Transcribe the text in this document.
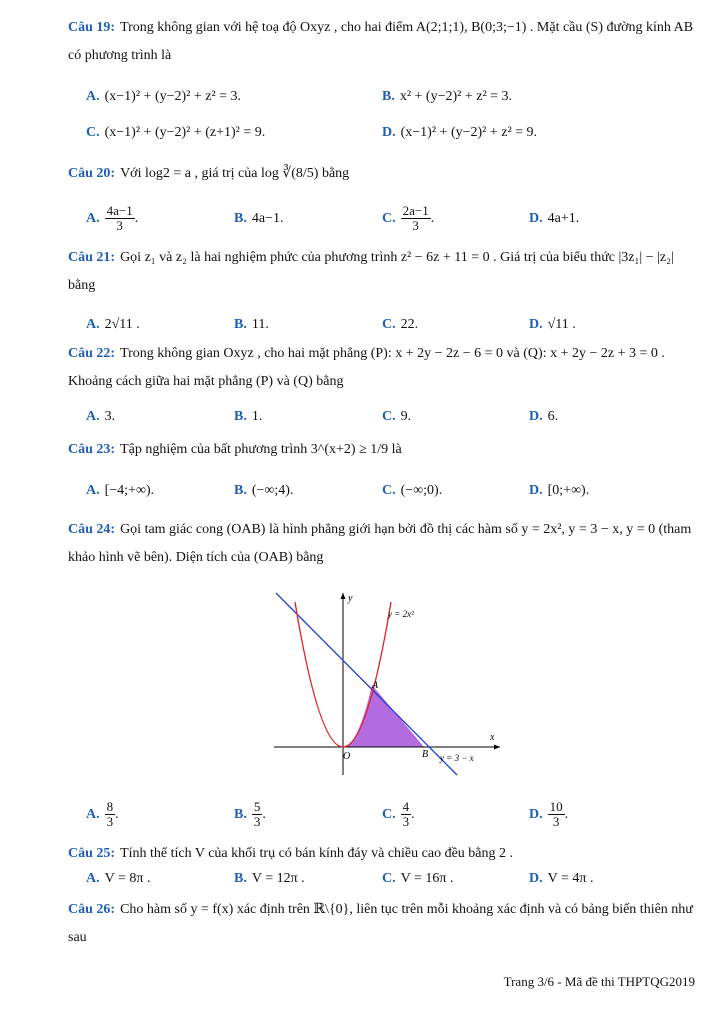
Câu 19: Trong không gian với hệ toạ độ Oxyz , cho hai điểm A(2;1;1), B(0;3;−1) . Mặt cầu (S) đường kính AB có phương trình là
A. (x−1)² + (y−2)² + z² = 3.	B. x² + (y−2)² + z² = 3.
C. (x−1)² + (y−2)² + (z+1)² = 9.	D. (x−1)² + (y−2)² + z² = 9.
Câu 20: Với log2 = a , giá trị của log ∛(8/5) bằng
A. $\frac{4a-1}{3}$ .	B. 4a−1.	C. $\frac{2a-1}{3}$ .	D. 4a+1.
Câu 21: Gọi z₁ và z₂ là hai nghiệm phức của phương trình z² − 6z + 11 = 0 . Giá trị của biểu thức |3z₁| − |z₂| bằng
A. 2√11 .	B. 11.	C. 22.	D. √11 .
Câu 22: Trong không gian Oxyz , cho hai mặt phẳng (P): x + 2y − 2z − 6 = 0 và (Q): x + 2y − 2z + 3 = 0 . Khoảng cách giữa hai mặt phẳng (P) và (Q) bằng
A. 3.	B. 1.	C. 9.	D. 6.
Câu 23: Tập nghiệm của bất phương trình 3^(x+2) ≥ 1/9 là
A. [−4;+∞).	B. (−∞;4).	C. (−∞;0).	D. [0;+∞).
Câu 24: Gọi tam giác cong (OAB) là hình phẳng giới hạn bởi đồ thị các hàm số y = 2x², y = 3 − x, y = 0 (tham khảo hình vẽ bên). Diện tích của (OAB) bằng
y
x
O
A
B
y = 2x²
y = 3 − x
A. $\frac{8}{3}$ .	B. $\frac{5}{3}$ .	C. $\frac{4}{3}$ .	D. $\frac{10}{3}$ .
Câu 25: Tính thể tích V của khối trụ có bán kính đáy và chiều cao đều bằng 2 .
A. V = 8π .	B. V = 12π .	C. V = 16π .	D. V = 4π .
Câu 26: Cho hàm số y = f(x) xác định trên ℝ\{0}, liên tục trên mỗi khoảng xác định và có bảng biến thiên như sau
Trang 3/6 - Mã đề thi THPTQG2019
